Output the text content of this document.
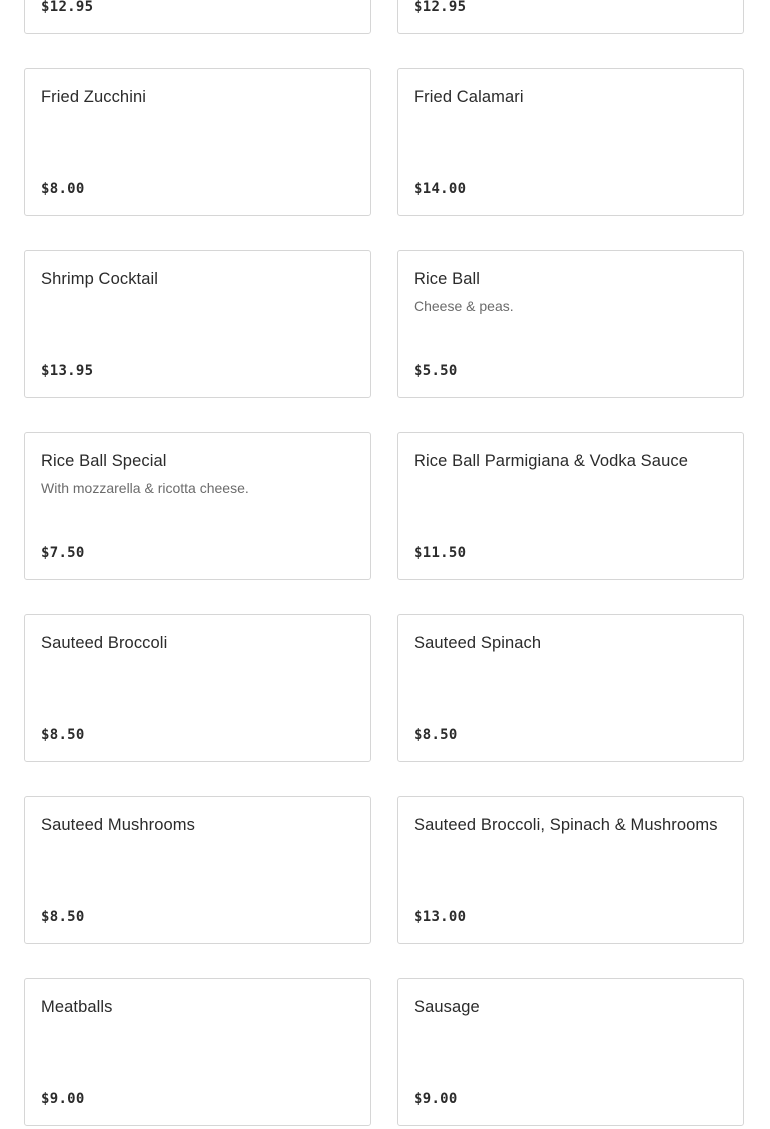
$12.95	$12.95
Fried Zucchini
$8.00
Fried Calamari
$14.00
Shrimp Cocktail
$13.95
Rice Ball
Cheese & peas.
$5.50
Rice Ball Special
With mozzarella & ricotta cheese.
$7.50
Rice Ball Parmigiana & Vodka Sauce
$11.50
Sauteed Broccoli
$8.50
Sauteed Spinach
$8.50
Sauteed Mushrooms
$8.50
Sauteed Broccoli, Spinach & Mushrooms
$13.00
Meatballs
$9.00
Sausage
$9.00
